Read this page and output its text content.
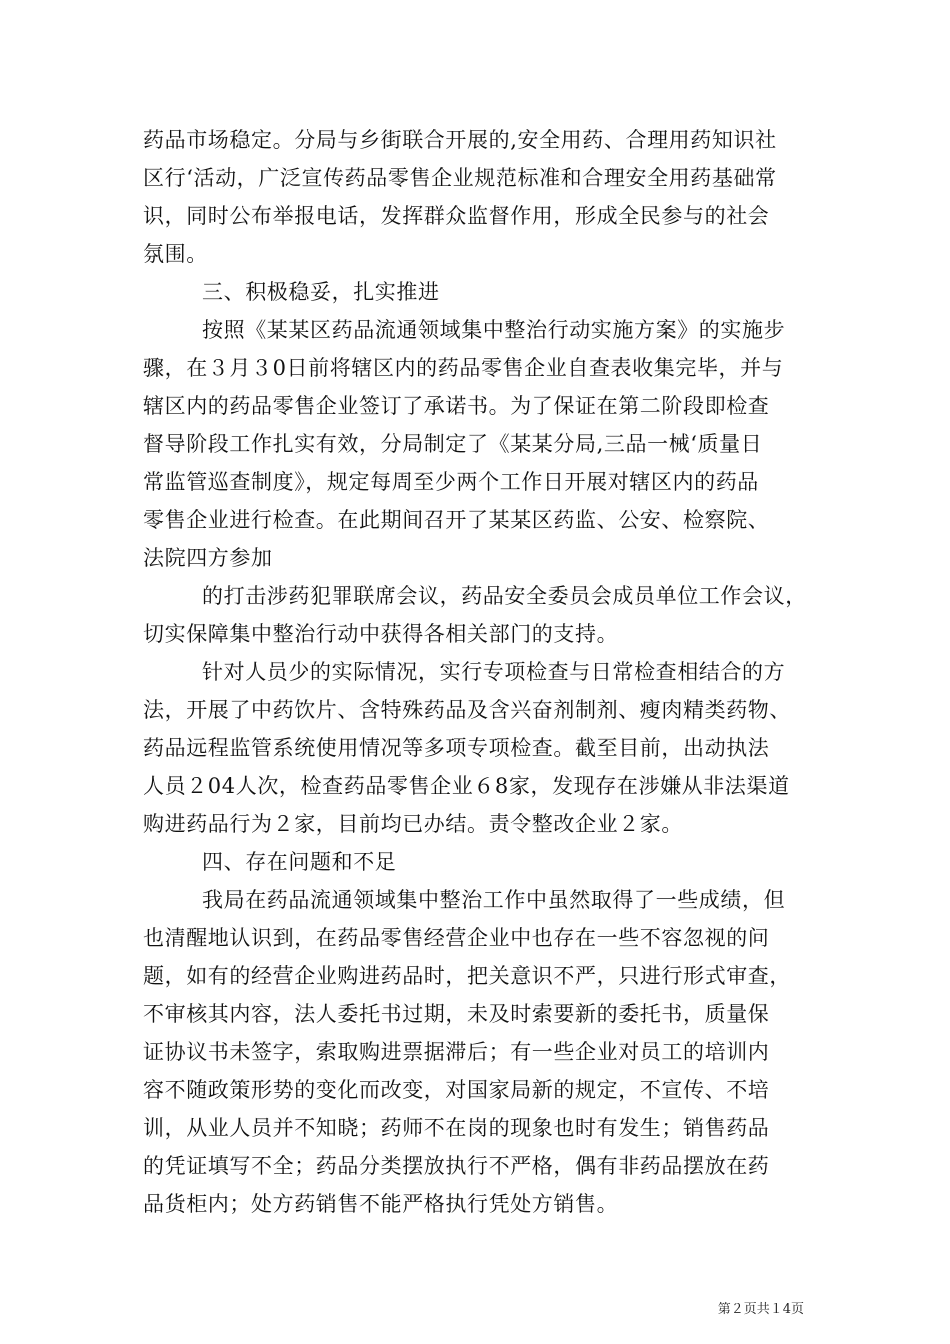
药品市场稳定。分局与乡街联合开展的,安全用药、合理用药知识社
区行‘活动，广泛宣传药品零售企业规范标准和合理安全用药基础常
识，同时公布举报电话，发挥群众监督作用，形成全民参与的社会
氛围。
三、积极稳妥，扎实推进
按照《某某区药品流通领域集中整治行动实施方案》的实施步
骤，在３月３0日前将辖区内的药品零售企业自查表收集完毕，并与
辖区内的药品零售企业签订了承诺书。为了保证在第二阶段即检查
督导阶段工作扎实有效，分局制定了《某某分局,三品一械‘质量日
常监管巡查制度》，规定每周至少两个工作日开展对辖区内的药品
零售企业进行检查。在此期间召开了某某区药监、公安、检察院、
法院四方参加
的打击涉药犯罪联席会议，药品安全委员会成员单位工作会议，
切实保障集中整治行动中获得各相关部门的支持。
针对人员少的实际情况，实行专项检查与日常检查相结合的方
法，开展了中药饮片、含特殊药品及含兴奋剂制剂、瘦肉精类药物、
药品远程监管系统使用情况等多项专项检查。截至目前，出动执法
人员２04人次，检查药品零售企业６8家，发现存在涉嫌从非法渠道
购进药品行为２家，目前均已办结。责令整改企业２家。
四、存在问题和不足
我局在药品流通领域集中整治工作中虽然取得了一些成绩，但
也清醒地认识到，在药品零售经营企业中也存在一些不容忽视的问
题，如有的经营企业购进药品时，把关意识不严，只进行形式审查，
不审核其内容，法人委托书过期，未及时索要新的委托书，质量保
证协议书未签字，索取购进票据滞后；有一些企业对员工的培训内
容不随政策形势的变化而改变，对国家局新的规定，不宣传、不培
训，从业人员并不知晓；药师不在岗的现象也时有发生；销售药品
的凭证填写不全；药品分类摆放执行不严格，偶有非药品摆放在药
品货柜内；处方药销售不能严格执行凭处方销售。
第２页共１4页
